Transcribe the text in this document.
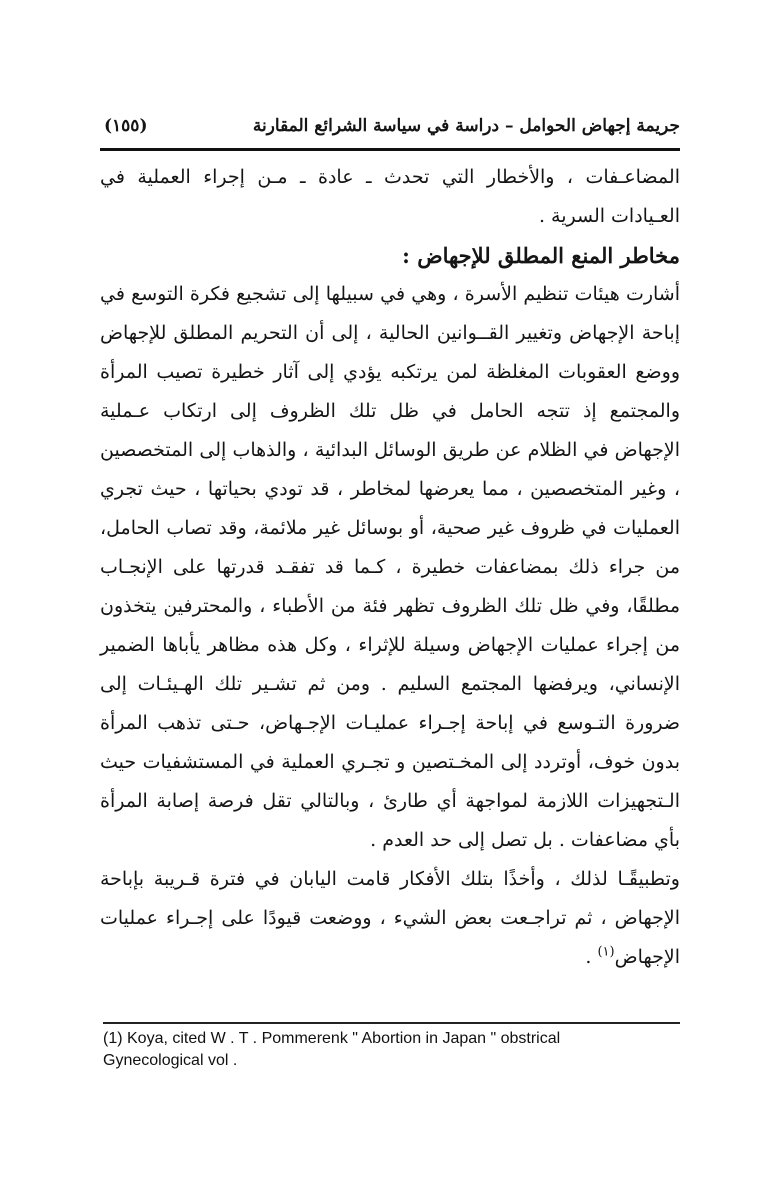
جريمة إجهاض الحوامل – دراسة في سياسة الشرائع المقارنة
(١٥٥)

المضاعـفات ، والأخطار التي تحدث ـ عادة ـ مـن إجراء العملية في العـيادات السرية .

مخاطر المنع المطلق للإجهاض :

أشارت هيئات تنظيم الأسرة ، وهي في سبيلها إلى تشجيع فكرة التوسع في إباحة الإجهاض وتغيير القــوانين الحالية ، إلى أن التحريم المطلق للإجهاض ووضع العقوبات المغلظة لمن يرتكبه يؤدي إلى آثار خطيرة تصيب المرأة والمجتمع إذ تتجه الحامل في ظل تلك الظروف إلى ارتكاب عـملية الإجهاض في الظلام عن طريق الوسائل البدائية ، والذهاب إلى المتخصصين ، وغير المتخصصين ، مما يعرضها لمخاطر ، قد تودي بحياتها ، حيث تجري العمليات في ظروف غير صحية، أو بوسائل غير ملائمة، وقد تصاب الحامل، من جراء ذلك بمضاعفات خطيرة ، كـما قد تفقـد قدرتها على الإنجـاب مطلقًا، وفي ظل تلك الظروف تظهر فئة من الأطباء ، والمحترفين يتخذون من إجراء عمليات الإجهاض وسيلة للإثراء ، وكل هذه مظاهر يأباها الضمير الإنساني، ويرفضها المجتمع السليم . ومن ثم تشـير تلك الهـيئـات إلى ضرورة التـوسع في إباحة إجـراء عمليـات الإجـهاض، حـتى تذهب المرأة بدون خوف، أوتردد إلى المخـتصين و تجـري العملية في المستشفيات حيث الـتجهيزات اللازمة لمواجهة أي طارئ ، وبالتالي تقل فرصة إصابة المرأة بأي مضاعفات . بل تصل إلى حد العدم .

وتطبيقًـا لذلك ، وأخذًا بتلك الأفكار قامت اليابان في فترة قـريبة بإباحة الإجهاض ، ثم تراجـعت بعض الشيء ، ووضعت قيودًا على إجـراء عمليات الإجهاض$^{(١)}$ .

(1) Koya, cited W . T . Pommerenk " Abortion in Japan " obstrical
Gynecological vol .
